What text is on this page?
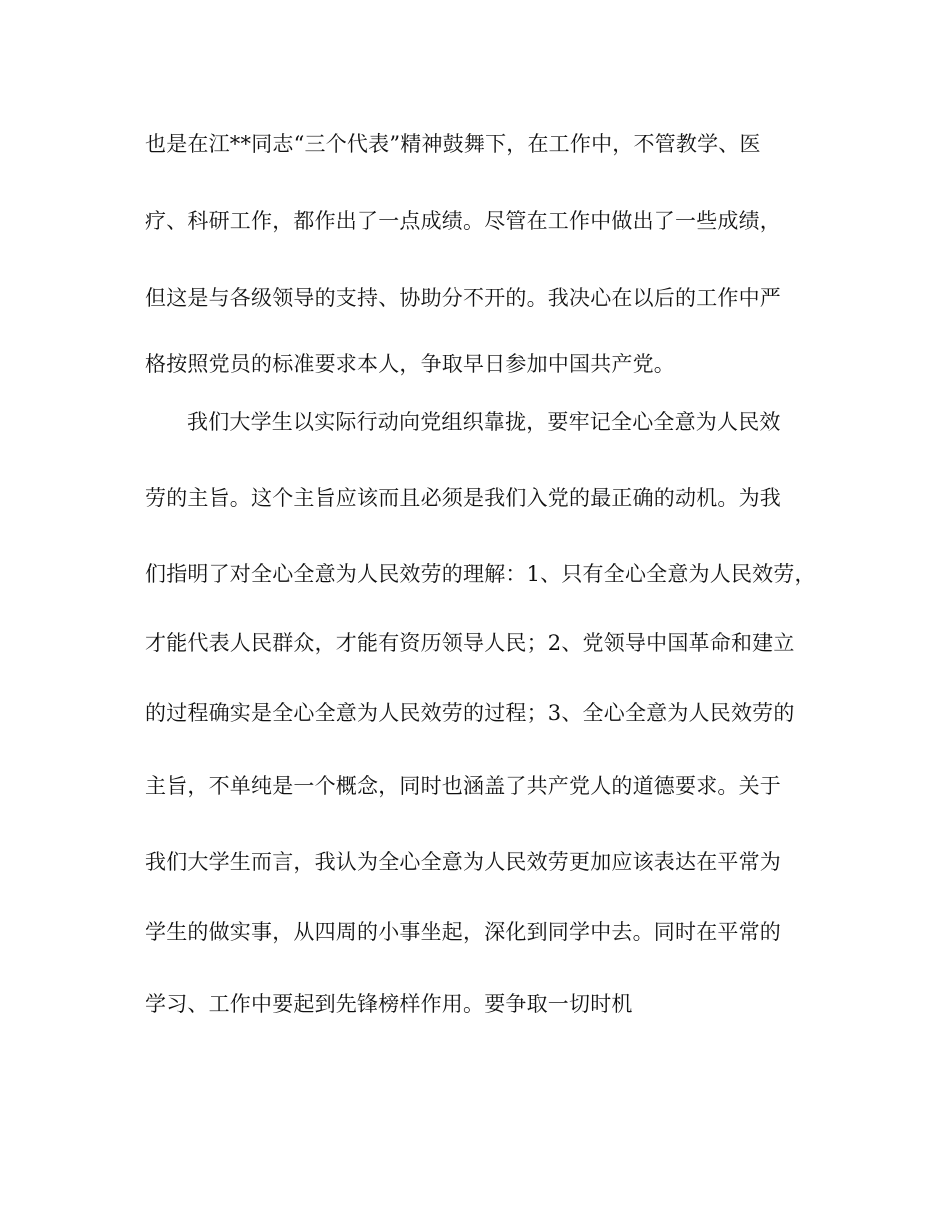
也是在江**同志“三个代表”精神鼓舞下，在工作中，不管教学、医
疗、科研工作，都作出了一点成绩。尽管在工作中做出了一些成绩，
但这是与各级领导的支持、协助分不开的。我决心在以后的工作中严
格按照党员的标准要求本人，争取早日参加中国共产党。
我们大学生以实际行动向党组织靠拢，要牢记全心全意为人民效
劳的主旨。这个主旨应该而且必须是我们入党的最正确的动机。为我
们指明了对全心全意为人民效劳的理解：1、只有全心全意为人民效劳，
才能代表人民群众，才能有资历领导人民；2、党领导中国革命和建立
的过程确实是全心全意为人民效劳的过程；3、全心全意为人民效劳的
主旨，不单纯是一个概念，同时也涵盖了共产党人的道德要求。关于
我们大学生而言，我认为全心全意为人民效劳更加应该表达在平常为
学生的做实事，从四周的小事坐起，深化到同学中去。同时在平常的
学习、工作中要起到先锋榜样作用。要争取一切时机
